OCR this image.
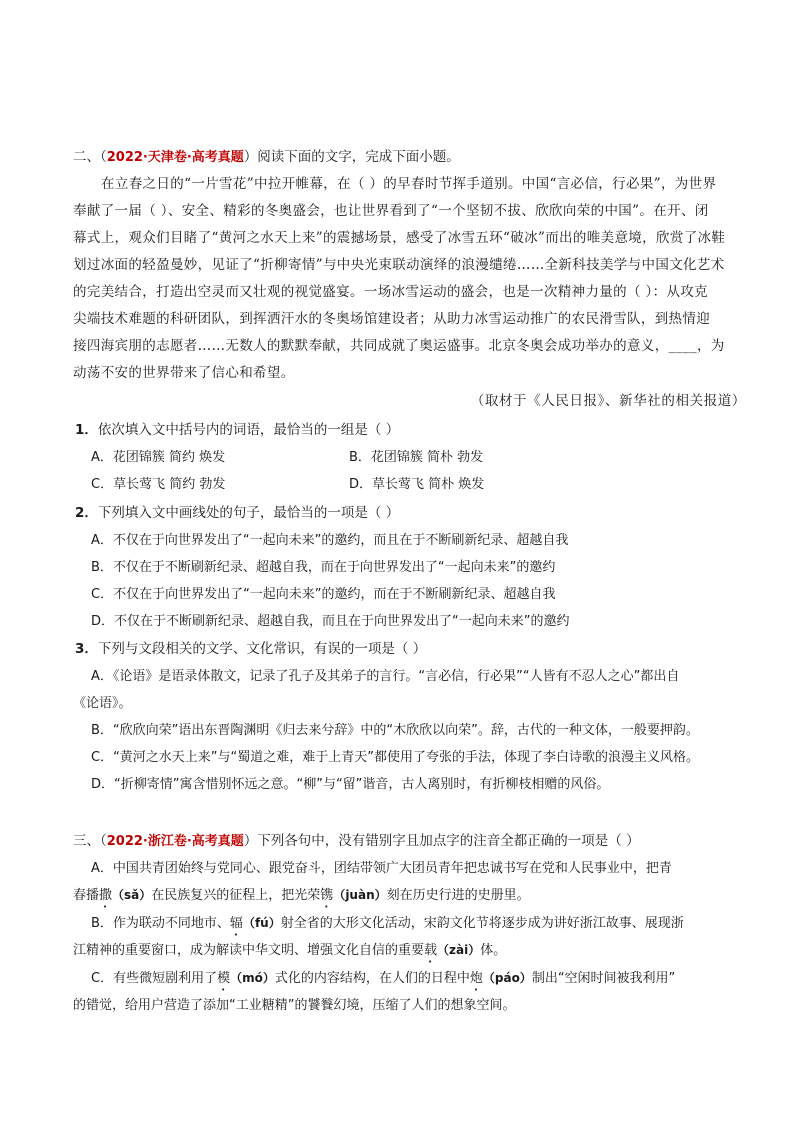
二、（2022·天津卷·高考真题）阅读下面的文字，完成下面小题。
在立春之日的“一片雪花”中拉开帷幕，在（ ）的早春时节挥手道别。中国“言必信，行必果”，为世界
奉献了一届（ ）、安全、精彩的冬奥盛会，也让世界看到了“一个坚韧不拔、欣欣向荣的中国”。在开、闭
幕式上，观众们目睹了“黄河之水天上来”的震撼场景，感受了冰雪五环“破冰”而出的唯美意境，欣赏了冰鞋
划过冰面的轻盈曼妙，见证了“折柳寄情”与中央光束联动演绎的浪漫缱绻……全新科技美学与中国文化艺术
的完美结合，打造出空灵而又壮观的视觉盛宴。一场冰雪运动的盛会，也是一次精神力量的（ ）：从攻克
尖端技术难题的科研团队，到挥洒汗水的冬奥场馆建设者；从助力冰雪运动推广的农民滑雪队，到热情迎
接四海宾朋的志愿者……无数人的默默奉献，共同成就了奥运盛事。北京冬奥会成功举办的意义，____，为
动荡不安的世界带来了信心和希望。
（取材于《人民日报》、新华社的相关报道）
1．依次填入文中括号内的词语，最恰当的一组是（ ）
A．花团锦簇 简约 焕发	B．花团锦簇 简朴 勃发
C．草长莺飞 简约 勃发	D．草长莺飞 简朴 焕发
2．下列填入文中画线处的句子，最恰当的一项是（ ）
A．不仅在于向世界发出了“一起向未来”的邀约，而且在于不断刷新纪录、超越自我
B．不仅在于不断刷新纪录、超越自我，而在于向世界发出了“一起向未来”的邀约
C．不仅在于向世界发出了“一起向未来”的邀约，而在于不断刷新纪录、超越自我
D．不仅在于不断刷新纪录、超越自我，而且在于向世界发出了“一起向未来”的邀约
3．下列与文段相关的文学、文化常识，有误的一项是（ ）
A．《论语》是语录体散文，记录了孔子及其弟子的言行。“言必信，行必果”“人皆有不忍人之心”都出自
《论语》。
B．“欣欣向荣”语出东晋陶渊明《归去来兮辞》中的“木欣欣以向荣”。辞，古代的一种文体，一般要押韵。
C．“黄河之水天上来”与“蜀道之难，难于上青天”都使用了夸张的手法，体现了李白诗歌的浪漫主义风格。
D．“折柳寄情”寓含惜别怀远之意。“柳”与“留”谐音，古人离别时，有折柳枝相赠的风俗。
三、（2022·浙江卷·高考真题）下列各句中，没有错别字且加点字的注音全都正确的一项是（ ）
A．中国共青团始终与党同心、跟党奋斗，团结带领广大团员青年把忠诚书写在党和人民事业中，把青
春播撒（sǎ）在民族复兴的征程上，把光荣镌（juàn）刻在历史行进的史册里。
B．作为联动不同地市、辐（fú）射全省的大形文化活动，宋韵文化节将逐步成为讲好浙江故事、展现浙
江精神的重要窗口，成为解读中华文明、增强文化自信的重要载（zài）体。
C．有些微短剧利用了模（mó）式化的内容结构，在人们的日程中炮（páo）制出“空闲时间被我利用”
的错觉，给用户营造了添加“工业糖精”的饕餮幻境，压缩了人们的想象空间。
